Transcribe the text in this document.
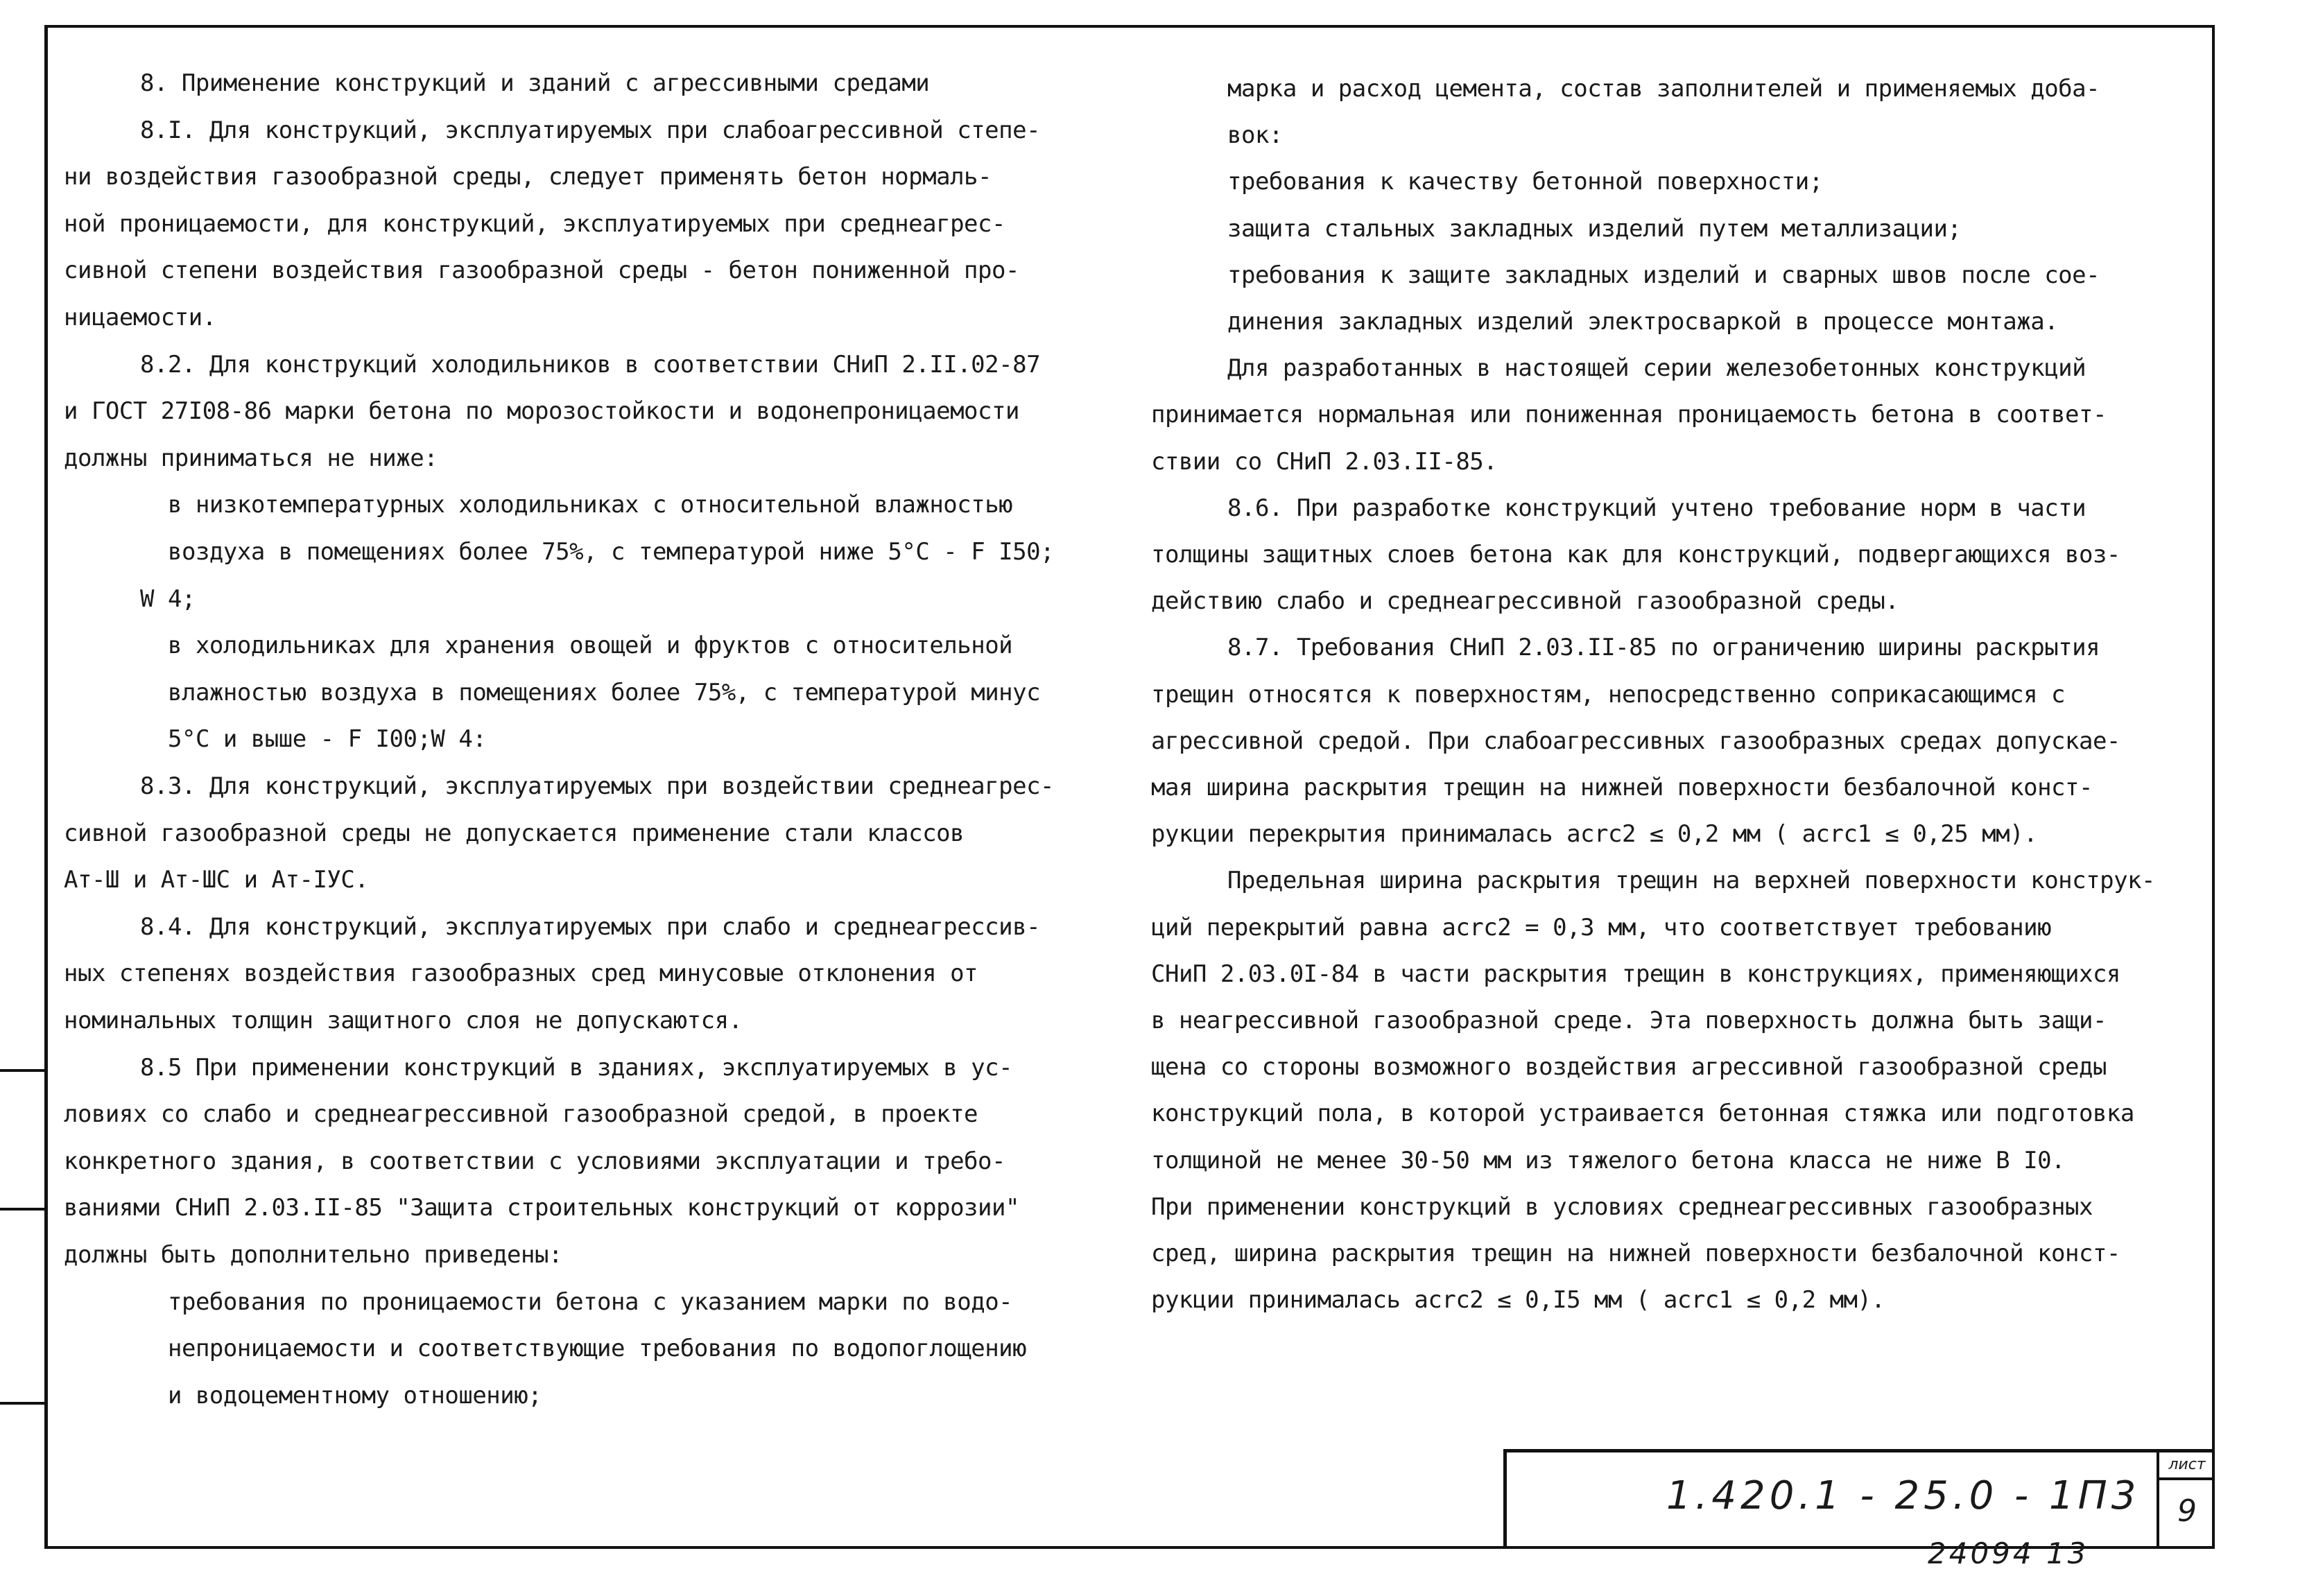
8. Применение конструкций и зданий с агрессивными средами
8.I. Для конструкций, эксплуатируемых при слабоагрессивной степе-
ни воздействия газообразной среды, следует применять бетон нормаль-
ной проницаемости, для конструкций, эксплуатируемых при среднеагрес-
сивной степени воздействия газообразной среды - бетон пониженной про-
ницаемости.
8.2. Для конструкций холодильников в соответствии СНиП 2.II.02-87
и ГОСТ 27I08-86 марки бетона по морозостойкости и водонепроницаемости
должны приниматься не ниже:
в низкотемпературных холодильниках с относительной влажностью
воздуха в помещениях более 75%, с температурой ниже 5°С - F I50;
W 4;
в холодильниках для хранения овощей и фруктов с относительной
влажностью воздуха в помещениях более 75%, с температурой минус
5°С и выше - F I00;W 4:
8.3. Для конструкций, эксплуатируемых при воздействии среднеагрес-
сивной газообразной среды не допускается применение стали классов
Ат-Ш и Ат-ШС и Ат-IУС.
8.4. Для конструкций, эксплуатируемых при слабо и среднеагрессив-
ных степенях воздействия газообразных сред минусовые отклонения от
номинальных толщин защитного слоя не допускаются.
8.5 При применении конструкций в зданиях, эксплуатируемых в ус-
ловиях со слабо и среднеагрессивной газообразной средой, в проекте
конкретного здания, в соответствии с условиями эксплуатации и требо-
ваниями СНиП 2.03.II-85 "Защита строительных конструкций от коррозии"
должны быть дополнительно приведены:
требования по проницаемости бетона с указанием марки по водо-
непроницаемости и соответствующие требования по водопоглощению
и водоцементному отношению;
марка и расход цемента, состав заполнителей и применяемых доба-
вок:
требования к качеству бетонной поверхности;
защита стальных закладных изделий путем металлизации;
требования к защите закладных изделий и сварных швов после сое-
динения закладных изделий электросваркой в процессе монтажа.
Для разработанных в настоящей серии железобетонных конструкций
принимается нормальная или пониженная проницаемость бетона в соответ-
ствии со СНиП 2.03.II-85.
8.6. При разработке конструкций учтено требование норм в части
толщины защитных слоев бетона как для конструкций, подвергающихся воз-
действию слабо и среднеагрессивной газообразной среды.
8.7. Требования СНиП 2.03.II-85 по ограничению ширины раскрытия
трещин относятся к поверхностям, непосредственно соприкасающимся с
агрессивной средой. При слабоагрессивных газообразных средах допускае-
мая ширина раскрытия трещин на нижней поверхности безбалочной конст-
рукции перекрытия принималась acrc2 ≤ 0,2 мм ( acrc1 ≤ 0,25 мм).
Предельная ширина раскрытия трещин на верхней поверхности конструк-
ций перекрытий равна acrc2 = 0,3 мм, что соответствует требованию
СНиП 2.03.0I-84 в части раскрытия трещин в конструкциях, применяющихся
в неагрессивной газообразной среде. Эта поверхность должна быть защи-
щена со стороны возможного воздействия агрессивной газообразной среды
конструкций пола, в которой устраивается бетонная стяжка или подготовка
толщиной не менее 30-50 мм из тяжелого бетона класса не ниже В I0.
При применении конструкций в условиях среднеагрессивных газообразных
сред, ширина раскрытия трещин на нижней поверхности безбалочной конст-
рукции принималась acrc2 ≤ 0,I5 мм ( acrc1 ≤ 0,2 мм).
1.420.1 - 25.0 - 1П3
лист
9
24094 13
